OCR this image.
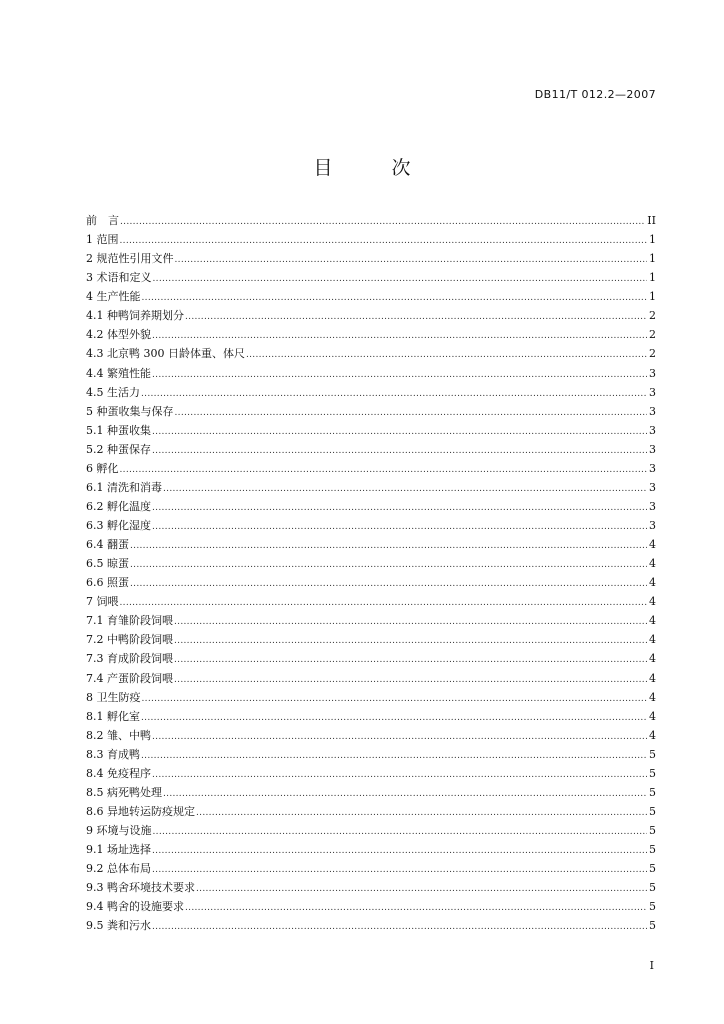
DB11/T 012.2—2007
目　次
前　言 .....	II
1 范围 .....	1
2 规范性引用文件 .....	1
3 术语和定义 .....	1
4 生产性能 .....	1
4.1 种鸭饲养期划分 .....	2
4.2 体型外貌 .....	2
4.3 北京鸭 300 日龄体重、体尺 .....	2
4.4 繁殖性能 .....	3
4.5 生活力 .....	3
5 种蛋收集与保存 .....	3
5.1 种蛋收集 .....	3
5.2 种蛋保存 .....	3
6 孵化 .....	3
6.1 清洗和消毒 .....	3
6.2 孵化温度 .....	3
6.3 孵化湿度 .....	3
6.4 翻蛋 .....	4
6.5 晾蛋 .....	4
6.6 照蛋 .....	4
7 饲喂 .....	4
7.1 育雏阶段饲喂 .....	4
7.2 中鸭阶段饲喂 .....	4
7.3 育成阶段饲喂 .....	4
7.4 产蛋阶段饲喂 .....	4
8 卫生防疫 .....	4
8.1 孵化室 .....	4
8.2 雏、中鸭 .....	4
8.3 育成鸭 .....	5
8.4 免疫程序 .....	5
8.5 病死鸭处理 .....	5
8.6 异地转运防疫规定 .....	5
9 环境与设施 .....	5
9.1 场址选择 .....	5
9.2 总体布局 .....	5
9.3 鸭舍环境技术要求 .....	5
9.4 鸭舍的设施要求 .....	5
9.5 粪和污水 .....	5
I
